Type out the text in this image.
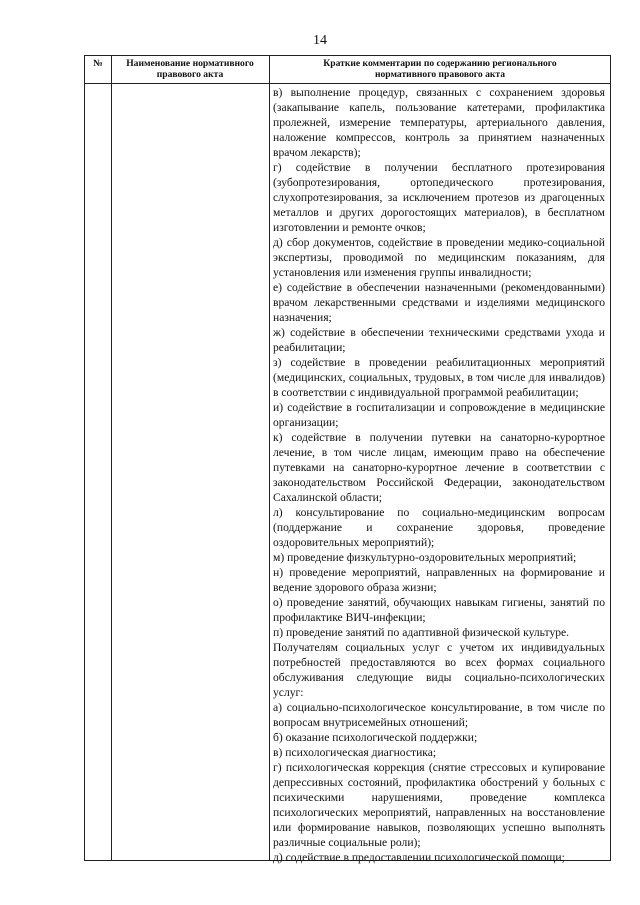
14
№	Наименование нормативного правового акта
Краткие комментарии по содержанию регионального нормативного правового акта

в) выполнение процедур, связанных с сохранением здоровья (закапывание капель, пользование катетерами, профилактика пролежней, измерение температуры, артериального давления, наложение компрессов, контроль за принятием назначенных врачом лекарств);

г) содействие в получении бесплатного протезирования (зубопротезирования, ортопедического протезирования, слухопротезирования, за исключением протезов из драгоценных металлов и других дорогостоящих материалов), в бесплатном изготовлении и ремонте очков;

д) сбор документов, содействие в проведении медико-социальной экспертизы, проводимой по медицинским показаниям, для установления или изменения группы инвалидности;

е) содействие в обеспечении назначенными (рекомендованными) врачом лекарственными средствами и изделиями медицинского назначения;

ж) содействие в обеспечении техническими средствами ухода и реабилитации;

з) содействие в проведении реабилитационных мероприятий (медицинских, социальных, трудовых, в том числе для инвалидов) в соответствии с индивидуальной программой реабилитации;

и) содействие в госпитализации и сопровождение в медицинские организации;

к) содействие в получении путевки на санаторно-курортное лечение, в том числе лицам, имеющим право на обеспечение путевками на санаторно-курортное лечение в соответствии с законодательством Российской Федерации, законодательством Сахалинской области;

л) консультирование по социально-медицинским вопросам (поддержание и сохранение здоровья, проведение оздоровительных мероприятий);

м) проведение физкультурно-оздоровительных мероприятий;

н) проведение мероприятий, направленных на формирование и ведение здорового образа жизни;

о) проведение занятий, обучающих навыкам гигиены, занятий по профилактике ВИЧ-инфекции;

п) проведение занятий по адаптивной физической культуре.

Получателям социальных услуг с учетом их индивидуальных потребностей предоставляются во всех формах социального обслуживания следующие виды социально-психологических услуг:

а) социально-психологическое консультирование, в том числе по вопросам внутрисемейных отношений;

б) оказание психологической поддержки;

в) психологическая диагностика;

г) психологическая коррекция (снятие стрессовых и купирование депрессивных состояний, профилактика обострений у больных с психическими нарушениями, проведение комплекса психологических мероприятий, направленных на восстановление или формирование навыков, позволяющих успешно выполнять различные социальные роли);

д) содействие в предоставлении психологической помощи;
